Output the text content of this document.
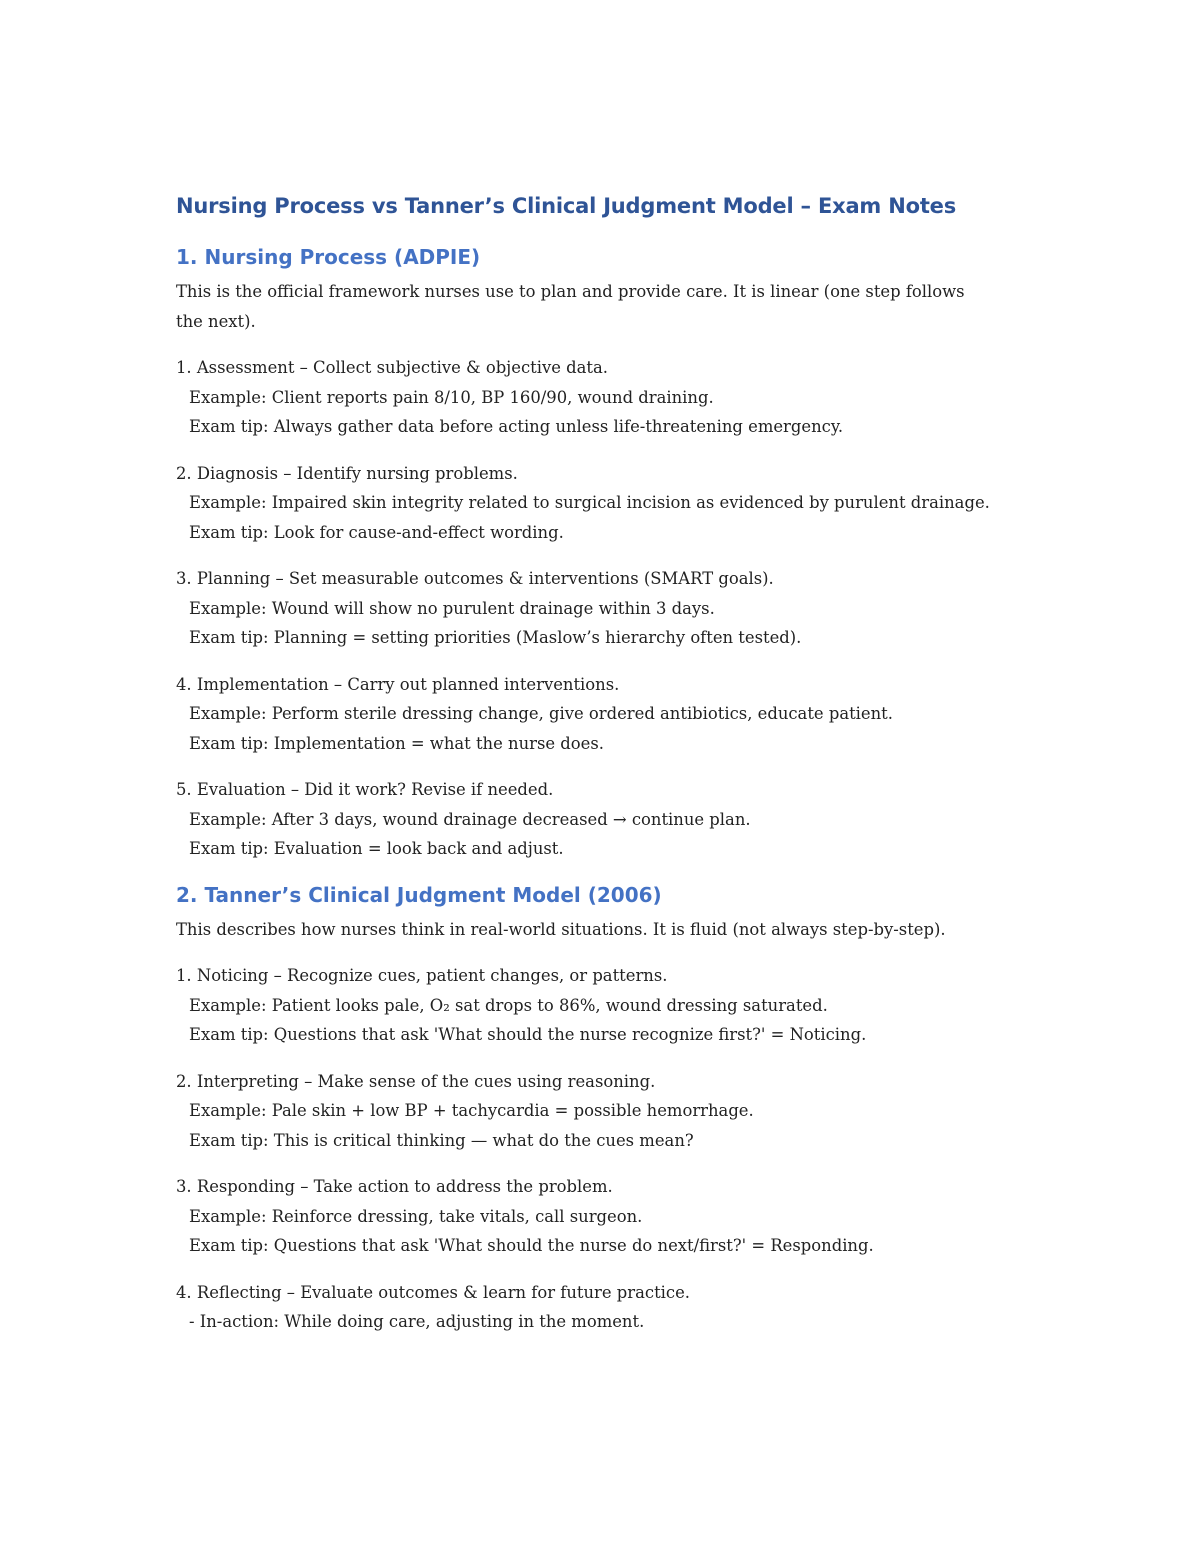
Nursing Process vs Tanner’s Clinical Judgment Model – Exam Notes
1. Nursing Process (ADPIE)
This is the official framework nurses use to plan and provide care. It is linear (one step follows the next).
1. Assessment – Collect subjective & objective data.
Example: Client reports pain 8/10, BP 160/90, wound draining.
Exam tip: Always gather data before acting unless life-threatening emergency.
2. Diagnosis – Identify nursing problems.
Example: Impaired skin integrity related to surgical incision as evidenced by purulent drainage.
Exam tip: Look for cause-and-effect wording.
3. Planning – Set measurable outcomes & interventions (SMART goals).
Example: Wound will show no purulent drainage within 3 days.
Exam tip: Planning = setting priorities (Maslow’s hierarchy often tested).
4. Implementation – Carry out planned interventions.
Example: Perform sterile dressing change, give ordered antibiotics, educate patient.
Exam tip: Implementation = what the nurse does.
5. Evaluation – Did it work? Revise if needed.
Example: After 3 days, wound drainage decreased → continue plan.
Exam tip: Evaluation = look back and adjust.
2. Tanner’s Clinical Judgment Model (2006)
This describes how nurses think in real-world situations. It is fluid (not always step-by-step).
1. Noticing – Recognize cues, patient changes, or patterns.
Example: Patient looks pale, O₂ sat drops to 86%, wound dressing saturated.
Exam tip: Questions that ask 'What should the nurse recognize first?' = Noticing.
2. Interpreting – Make sense of the cues using reasoning.
Example: Pale skin + low BP + tachycardia = possible hemorrhage.
Exam tip: This is critical thinking — what do the cues mean?
3. Responding – Take action to address the problem.
Example: Reinforce dressing, take vitals, call surgeon.
Exam tip: Questions that ask 'What should the nurse do next/first?' = Responding.
4. Reflecting – Evaluate outcomes & learn for future practice.
- In-action: While doing care, adjusting in the moment.
